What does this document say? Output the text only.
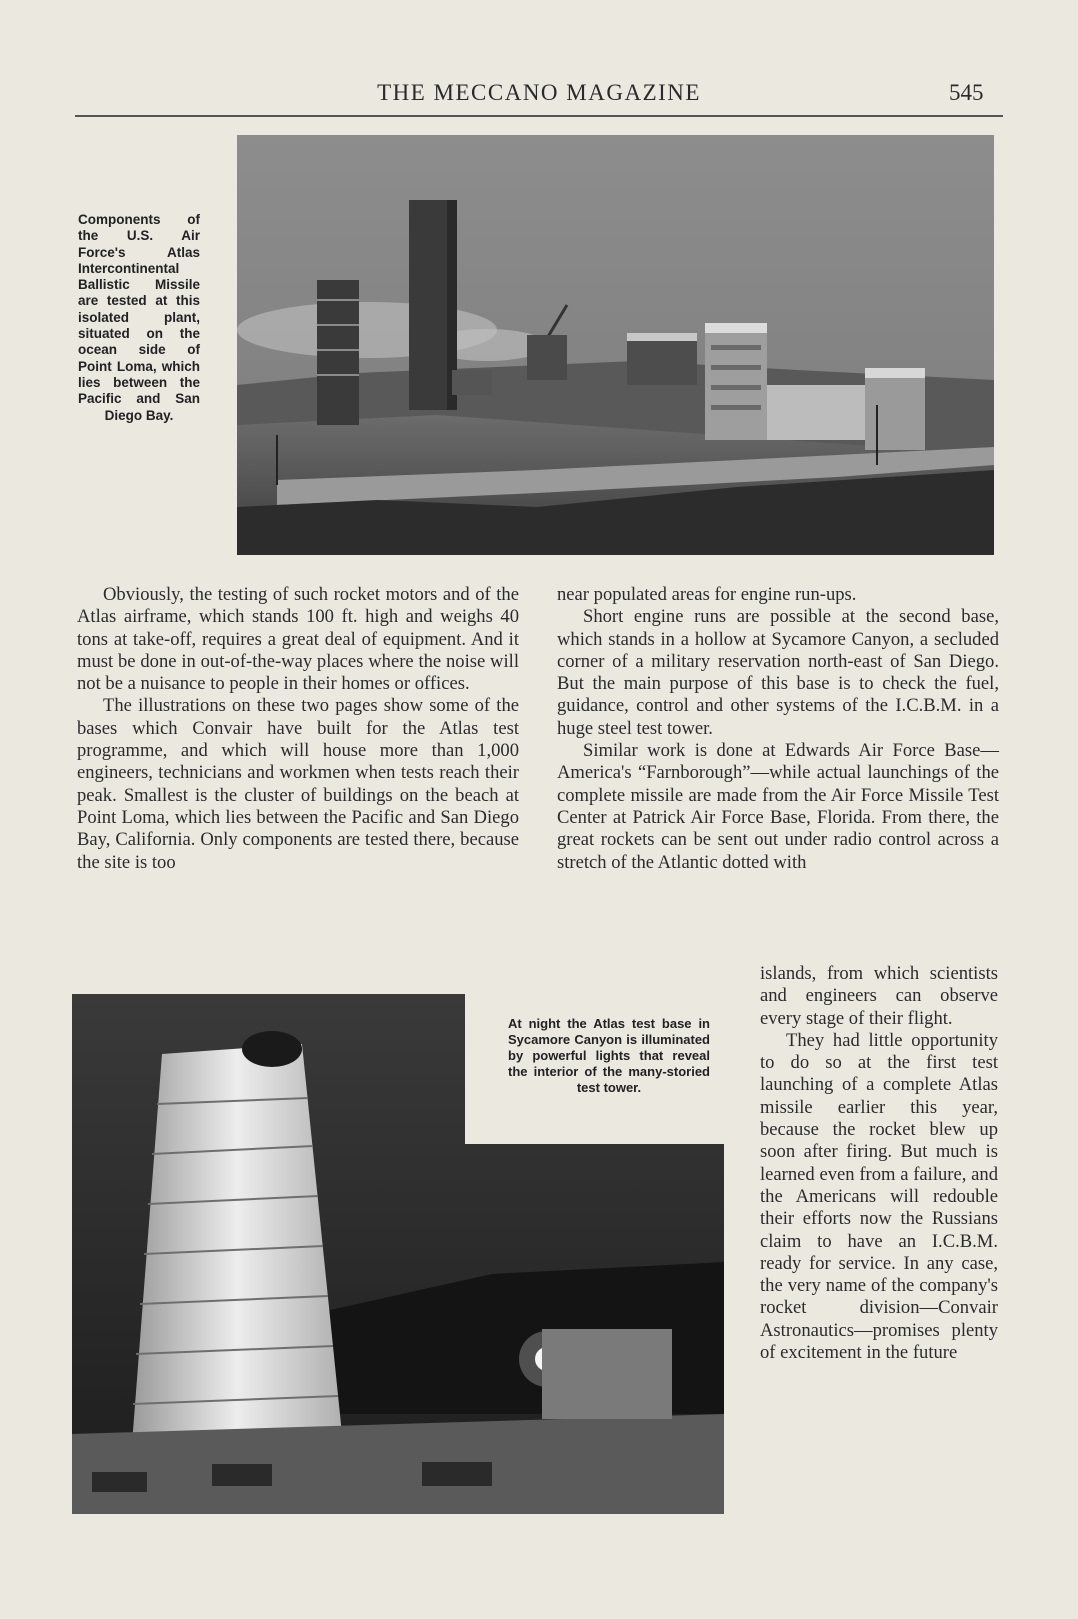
THE MECCANO MAGAZINE	545
Components of the U.S. Air Force's Atlas Intercontinental Ballistic Missile are tested at this isolated plant, situated on the ocean side of Point Loma, which lies between the Pacific and San Diego Bay.

Obviously, the testing of such rocket motors and of the Atlas airframe, which stands 100 ft. high and weighs 40 tons at take-off, requires a great deal of equipment. And it must be done in out-of-the-way places where the noise will not be a nuisance to people in their homes or offices.

The illustrations on these two pages show some of the bases which Convair have built for the Atlas test programme, and which will house more than 1,000 engineers, technicians and workmen when tests reach their peak. Smallest is the cluster of buildings on the beach at Point Loma, which lies between the Pacific and San Diego Bay, California. Only components are tested there, because the site is too

near populated areas for engine run-ups.

Short engine runs are possible at the second base, which stands in a hollow at Sycamore Canyon, a secluded corner of a military reservation north-east of San Diego. But the main purpose of this base is to check the fuel, guidance, control and other systems of the I.C.B.M. in a huge steel test tower.

Similar work is done at Edwards Air Force Base—America's “Farnborough”—while actual launchings of the complete missile are made from the Air Force Missile Test Center at Patrick Air Force Base, Florida. From there, the great rockets can be sent out under radio control across a stretch of the Atlantic dotted with

islands, from which scientists and engineers can observe every stage of their flight.

They had little opportunity to do so at the first test launching of a complete Atlas missile earlier this year, because the rocket blew up soon after firing. But much is learned even from a failure, and the Americans will redouble their efforts now the Russians claim to have an I.C.B.M. ready for service. In any case, the very name of the company's rocket division—Convair Astronautics—promises plenty of excitement in the future

At night the Atlas test base in Sycamore Canyon is illuminated by powerful lights that reveal the interior of the many-storied test tower.
